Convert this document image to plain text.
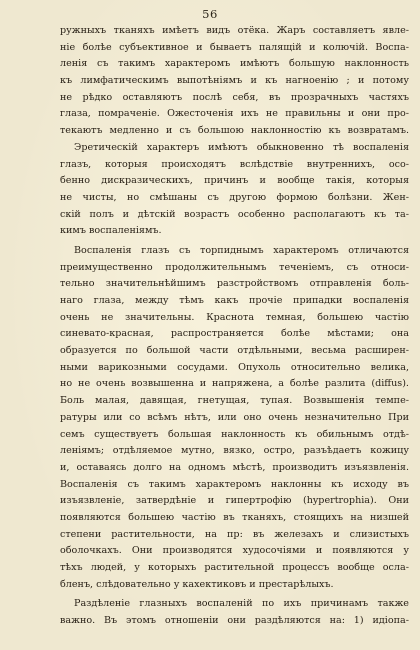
56
ружныхъ тканяхъ имѣетъ видъ отёка. Жаръ составляетъ явле-
ніе болѣе субъективное и бываетъ палящій и колючій. Воспа-
ленія съ такимъ характеромъ имѣютъ большую наклонность
къ лимфатическимъ выпотѣніямъ и къ нагноенію ; и потому
не рѣдко оставляютъ послѣ себя, въ прозрачныхъ частяхъ
глаза, помраченіе. Ожесточенія ихъ не правильны и они про-
текаютъ медленно и съ большою наклонностію къ возвратамъ.
Эретическій характеръ имѣютъ обыкновенно тѣ воспаленія
глазъ, которыя происходятъ вслѣдствіе внутреннихъ, осо-
бенно дискразическихъ, причинъ и вообще такія, которыя
не чисты, но смѣшаны съ другою формою болѣзни. Жен-
скій полъ и дѣтскій возрастъ особенно располагаютъ къ та-
кимъ воспаленіямъ.
Воспаленія глазъ съ торпиднымъ характеромъ отличаются
преимущественно продолжительнымъ теченіемъ, съ относи-
тельно значительнѣйшимъ разстройствомъ отправленія боль-
наго глаза, между тѣмъ какъ прочіе припадки воспаленія
очень не значительны. Краснота темная, большею частію
синевато-красная, распространяется болѣе мѣстами; она
образуется по большой части отдѣльными, весьма расширен-
ными варикозными сосудами. Опухоль относительно велика,
но не очень возвышенна и напряжена, а болѣе разлита (diffus).
Боль малая, давящая, гнетущая, тупая. Возвышенія темпе-
ратуры или со всѣмъ нѣтъ, или оно очень незначительно При
семъ существуетъ большая наклонность къ обильнымъ отдѣ-
леніямъ; отдѣляемое мутно, вязко, остро, разъѣдаетъ кожицу
и, оставаясь долго на одномъ мѣстѣ, производитъ изъязвленія.
Воспаленія съ такимъ характеромъ наклонны къ исходу въ
изъязвленіе, затвердѣніе и гипертрофію (hypertrophia). Они
появляются большею частію въ тканяхъ, стоящихъ на низшей
степени растительности, на пр: въ железахъ и слизистыхъ
оболочкахъ. Они производятся худосочіями и появляются у
тѣхъ людей, у которыхъ растительной процессъ вообще осла-
бленъ, слѣдовательно у кахектиковъ и престарѣлыхъ.
Раздѣленіе глазныхъ воспаленій по ихъ причинамъ также
важно. Въ этомъ отношеніи они раздѣляются на: 1) идіопа-
